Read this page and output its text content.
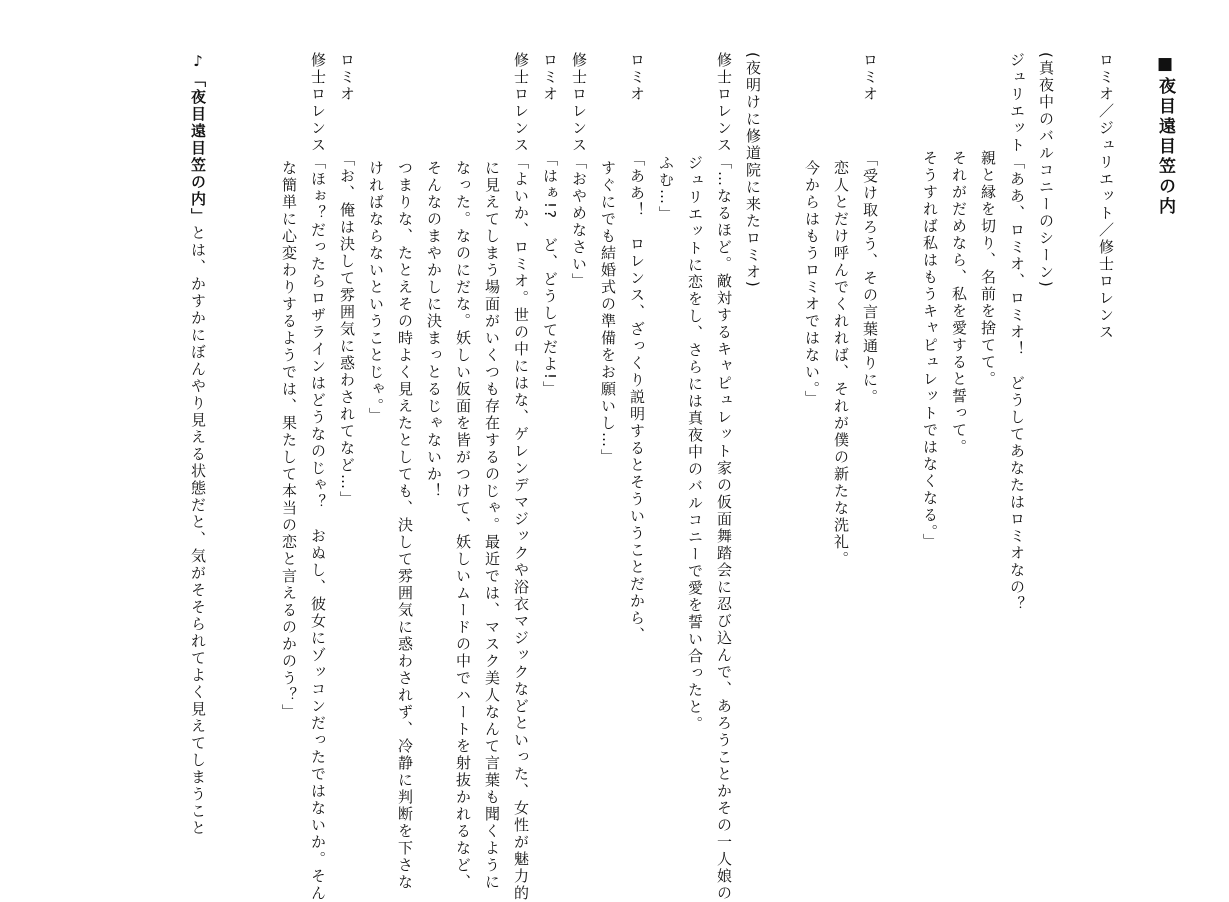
■夜目遠目笠の内
ロミオ／ジュリエット／修士ロレンス
(真夜中のバルコニーのシーン)
ジュリエット「ああ、ロミオ、ロミオ！　どうしてあなたはロミオなの？
親と縁を切り、名前を捨てて。
それがだめなら、私を愛すると誓って。
そうすれば私はもうキャピュレットではなくなる。」
ロミオ「受け取ろう、その言葉通りに。
恋人とだけ呼んでくれれば、それが僕の新たな洗礼。
今からはもうロミオではない。」
(夜明けに修道院に来たロミオ)
修士ロレンス「…なるほど。敵対するキャピュレット家の仮面舞踏会に忍び込んで、あろうことかその一人娘の
ジュリエットに恋をし、さらには真夜中のバルコニーで愛を誓い合ったと。
ふむ…」
ロミオ「ああ！　ロレンス、ざっくり説明するとそういうことだから、
すぐにでも結婚式の準備をお願いし…」
修士ロレンス「おやめなさい」
ロミオ「はぁ!?　ど、どうしてだよ!」
修士ロレンス「よいか、ロミオ。世の中にはな、ゲレンデマジックや浴衣マジックなどといった、女性が魅力的
に見えてしまう場面がいくつも存在するのじゃ。最近では、マスク美人なんて言葉も聞くように
なった。なのにだな。妖しい仮面を皆がつけて、妖しいムードの中でハートを射抜かれるなど、
そんなのまやかしに決まっとるじゃないか！
つまりな、たとえその時よく見えたとしても、決して雰囲気に惑わされず、冷静に判断を下さな
ければならないということじゃ。」
ロミオ「お、俺は決して雰囲気に惑わされてなど…」
修士ロレンス「ほぉ？だったらロザラインはどうなのじゃ？　おぬし、彼女にゾッコンだったではないか。そん
な簡単に心変わりするようでは、果たして本当の恋と言えるのかのう？」
♪「夜目遠目笠の内」とは、かすかにぼんやり見える状態だと、気がそそられてよく見えてしまうこと
